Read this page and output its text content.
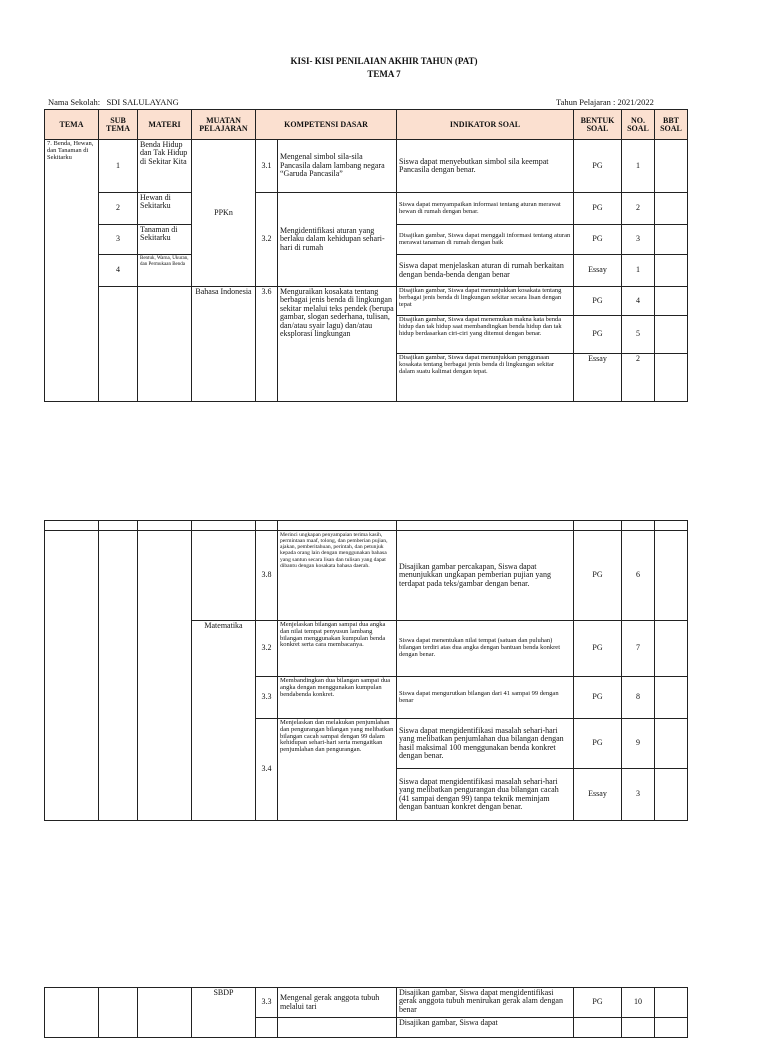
KISI- KISI PENILAIAN AKHIR TAHUN (PAT)
TEMA 7
Nama Sekolah: SDI SALULAYANG	Tahun Pelajaran : 2021/2022
TEMA	SUB TEMA	MATERI	MUATAN PELAJARAN	KOMPETENSI DASAR		INDIKATOR SOAL	BENTUK SOAL	NO. SOAL	BBT SOAL
7. Benda, Hewan, dan Tanaman di Sekitarku	1	Benda Hidup dan Tak Hidup di Sekitar Kita	PPKn	3.1	Mengenal simbol sila-sila Pancasila dalam lambang negara “Garuda Pancasila”	Siswa dapat menyebutkan simbol sila keempat Pancasila dengan benar.	PG	1	
	2	Hewan di Sekitarku		3.2	Mengidentifikasi aturan yang berlaku dalam kehidupan sehari-hari di rumah	Siswa dapat menyampaikan informasi tentang aturan merawat hewan di rumah dengan benar.	PG	2	
	3	Tanaman di Sekitarku				Disajikan gambar, Siswa dapat menggali informasi tentang aturan merawat tanaman di rumah dengan baik	PG	3	
	4	Bentuk, Warna, Ukuran, dan Permukaan Benda				Siswa dapat menjelaskan aturan di rumah berkaitan dengan benda-benda dengan benar	Essay	1	
			Bahasa Indonesia	3.6	Menguraikan kosakata tentang berbagai jenis benda di lingkungan sekitar melalui teks pendek (berupa gambar, slogan sederhana, tulisan, dan/atau syair lagu) dan/atau eksplorasi lingkungan	Disajikan gambar, Siswa dapat menunjukkan kosakata tentang berbagai jenis benda di lingkungan sekitar secara lisan dengan tepat	PG	4	
						Disajikan gambar, Siswa dapat menemukan makna kata benda hidup dan tak hidup saat membandingkan benda hidup dan tak hidup berdasarkan ciri-ciri yang ditemui dengan benar.	PG	5	
						Disajikan gambar, Siswa dapat menunjukkan penggunaan kosakata tentang berbagai jenis benda di lingkungan sekitar dalam suatu kalimat dengan tepat.	Essay	2	

				3.8	Merinci ungkapan penyampaian terima kasih, permintaan maaf, tolong, dan pemberian pujian, ajakan, pemberitahuan, perintah, dan petunjuk kepada orang lain dengan menggunakan bahasa yang santun secara lisan dan tulisan yang dapat dibantu dengan kosakata bahasa daerah.	Disajikan gambar percakapan, Siswa dapat menunjukkan ungkapan pemberian pujian yang terdapat pada teks/gambar dengan benar.	PG	6	
			Matematika	3.2	Menjelaskan bilangan sampai dua angka dan nilai tempat penyusun lambang bilangan menggunakan kumpulan benda konkret serta cara membacanya.	Siswa dapat menentukan nilai tempat (satuan dan puluhan) bilangan terdiri atas dua angka dengan bantuan benda konkret dengan benar.	PG	7	
				3.3	Membandingkan dua bilangan sampai dua angka dengan menggunakan kumpulan bendabenda konkret.	Siswa dapat mengurutkan bilangan dari 41 sampai 99 dengan benar	PG	8	
				3.4	Menjelaskan dan melakukan penjumlahan dan pengurangan bilangan yang melibatkan bilangan cacah sampai dengan 99 dalam kehidupan sehari-hari serta mengaitkan penjumlahan dan pengurangan.	Siswa dapat mengidentifikasi masalah sehari-hari yang melibatkan penjumlahan dua bilangan dengan hasil maksimal 100 menggunakan benda konkret dengan benar.	PG	9	
						Siswa dapat mengidentifikasi masalah sehari-hari yang melibatkan pengurangan dua bilangan cacah (41 sampai dengan 99) tanpa teknik meminjam dengan bantuan konkret dengan benar.	Essay	3	
			SBDP	3.3	Mengenal gerak anggota tubuh melalui tari	Disajikan gambar, Siswa dapat mengidentifikasi gerak anggota tubuh menirukan gerak alam dengan benar	PG	10	
						Disajikan gambar, Siswa dapat			
